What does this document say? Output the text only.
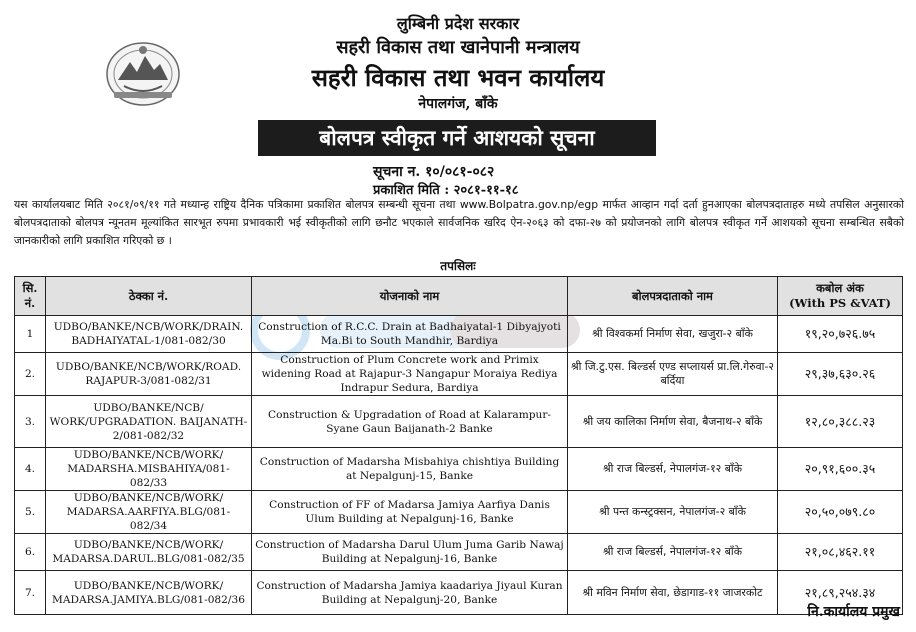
लुम्बिनी प्रदेश सरकार
सहरी विकास तथा खानेपानी मन्त्रालय
सहरी विकास तथा भवन कार्यालय
नेपालगंज, बाँके
बोलपत्र स्वीकृत गर्ने आशयको सूचना
सूचना न. १०/०८१-०८२
प्रकाशित मिति : २०८१-११-१८
यस कार्यालयबाट मिति २०८१/०९/११ गते मध्यान्ह राष्ट्रिय दैनिक पत्रिकामा प्रकाशित बोलपत्र सम्बन्धी सूचना तथा www.Bolpatra.gov.np/egp मार्फत आव्हान गर्दा दर्ता हुनआएका बोलपत्रदाताहरु मध्ये तपसिल अनुसारको बोलपत्रदाताको बोलपत्र न्यूनतम मूल्यांकित सारभूत रुपमा प्रभावकारी भई स्वीकृतीको लागि छनौट भएकाले सार्वजनिक खरिद ऐन-२०६३ को दफा-२७ को प्रयोजनको लागि बोलपत्र स्वीकृत गर्ने आशयको सूचना सम्बन्धित सबैको जानकारीको लागि प्रकाशित गरिएको छ ।
तपसिलः
सि. नं.	ठेक्का नं.	योजनाको नाम	बोलपत्रदाताको नाम	कबोल अंक
(With PS &VAT)

1	UDBO/BANKE/NCB/WORK/DRAIN. BADHAIYATAL-1/081-082/30	Construction of R.C.C. Drain at Badhaiyatal-1 Dibyajyoti Ma.Bi to South Mandhir, Bardiya	श्री विश्वकर्मा निर्माण सेवा, खजुरा-२ बाँके	१९,२०,७२६.७५
2.	UDBO/BANKE/NCB/WORK/ROAD. RAJAPUR-3/081-082/31	Construction of Plum Concrete work and Primix widening Road at Rajapur-3 Nangapur Moraiya Rediya Indrapur Sedura, Bardiya	श्री जि.टु.एस. बिल्डर्स एण्ड सप्लायर्स प्रा.लि.गेरुवा-२ बर्दिया	२९,३७,६३०.२६
3.	UDBO/BANKE/NCB/ WORK/UPGRADATION. BAIJANATH-2/081-082/32	Construction & Upgradation of Road at Kalarampur-Syane Gaun Baijanath-2 Banke	श्री जय कालिका निर्माण सेवा, बैजनाथ-२ बाँके	१२,८०,३८८.२३
4.	UDBO/BANKE/NCB/WORK/ MADARSHA.MISBAHIYA/081-082/33	Construction of Madarsha Misbahiya chishtiya Building at Nepalgunj-15, Banke	श्री राज बिल्डर्स, नेपालगंज-१२ बाँके	२०,९१,६००.३५
5.	UDBO/BANKE/NCB/WORK/ MADARSA.AARFIYA.BLG/081-082/34	Construction of FF of Madarsa Jamiya Aarfiya Danis Ulum Building at Nepalgunj-16, Banke	श्री पन्त कन्स्ट्रक्सन, नेपालगंज-२ बाँके	२०,५०,०७९.८०
6.	UDBO/BANKE/NCB/WORK/ MADARSA.DARUL.BLG/081-082/35	Construction of Madarsha Darul Ulum Juma Garib Nawaj Building at Nepalgunj-16, Banke	श्री राज बिल्डर्स, नेपालगंज-१२ बाँके	२१,०८,४६२.११
7.	UDBO/BANKE/NCB/WORK/ MADARSA.JAMIYA.BLG/081-082/36	Construction of Madarsha Jamiya kaadariya Jiyaul Kuran Building at Nepalgunj-20, Banke	श्री मविन निर्माण सेवा, छेडागाड-११ जाजरकोट	२१,८९,२५४.३४
नि.कार्यालय प्रमुख
